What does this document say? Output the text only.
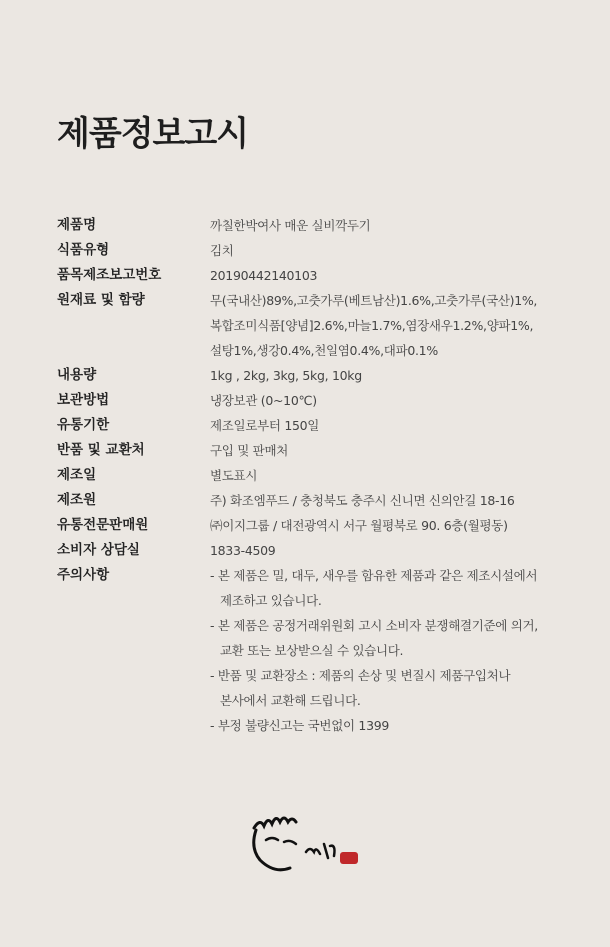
제품정보고시
제품명	까칠한박여사 매운 실비깍두기
식품유형	김치
품목제조보고번호	20190442140103
원재료 및 함량	무(국내산)89%,고춧가루(베트남산)1.6%,고춧가루(국산)1%,
복합조미식품[양념]2.6%,마늘1.7%,염장새우1.2%,양파1%,
설탕1%,생강0.4%,천일염0.4%,대파0.1%
내용량	1kg , 2kg, 3kg, 5kg, 10kg
보관방법	냉장보관 (0~10℃)
유통기한	제조일로부터 150일
반품 및 교환처	구입 및 판매처
제조일	별도표시
제조원	주) 화조엠푸드 / 충청북도 충주시 신니면 신의안길 18-16
유통전문판매원	㈜이지그룹 / 대전광역시 서구 월평북로 90. 6층(월평동)
소비자 상담실	1833-4509
주의사항	- 본 제품은 밀, 대두, 새우를 함유한 제품과 같은 제조시설에서
제조하고 있습니다.
- 본 제품은 공정거래위원회 고시 소비자 분쟁해결기준에 의거,
교환 또는 보상받으실 수 있습니다.
- 반품 및 교환장소 : 제품의 손상 및 변질시 제품구입처나
본사에서 교환해 드립니다.
- 부정 불량신고는 국번없이 1399
